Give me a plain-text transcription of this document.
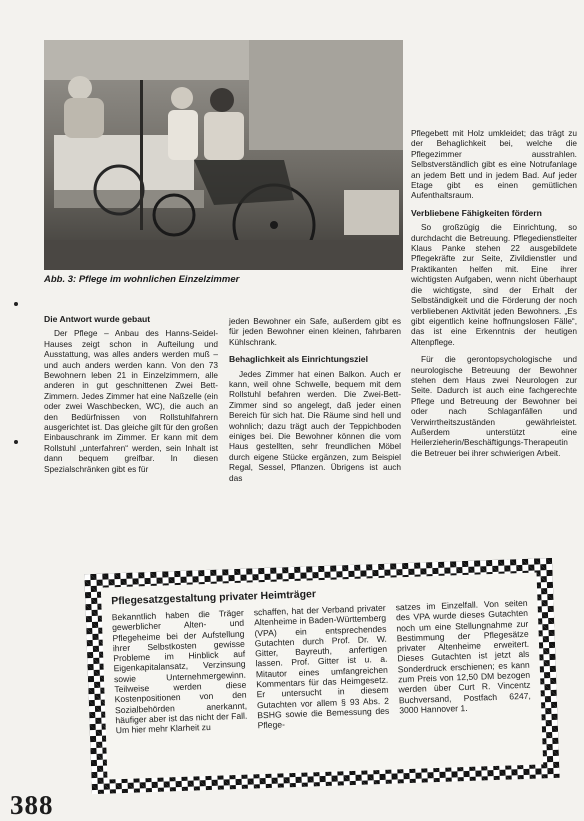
Abb. 3: Pflege im wohnlichen Einzelzimmer
Die Antwort wurde gebaut

Der Pflege – Anbau des Hanns-Seidel-Hauses zeigt schon in Aufteilung und Ausstattung, was alles anders werden muß – und auch anders werden kann. Von den 73 Bewohnern leben 21 in Einzelzimmern, alle anderen in gut geschnittenen Zwei Bett-Zimmern. Jedes Zimmer hat eine Naßzelle (ein oder zwei Waschbecken, WC), die auch an den Bedürfnissen von Rollstuhlfahrern ausgerichtet ist. Das gleiche gilt für den großen Einbauschrank im Zimmer. Er kann mit dem Rollstuhl „unterfahren“ werden, sein Inhalt ist dann bequem greifbar. In diesen Spezialschränken gibt es für

jeden Bewohner ein Safe, außerdem gibt es für jeden Bewohner einen kleinen, fahrbaren Kühlschrank.

Behaglichkeit als Einrichtungsziel

Jedes Zimmer hat einen Balkon. Auch er kann, weil ohne Schwelle, bequem mit dem Rollstuhl befahren werden. Die Zwei-Bett-Zimmer sind so angelegt, daß jeder einen Bereich für sich hat. Die Räume sind hell und wohnlich; dazu trägt auch der Teppichboden einiges bei. Die Bewohner können die vom Haus gestellten, sehr freundlichen Möbel durch eigene Stücke ergänzen, zum Beispiel Regal, Sessel, Pflanzen. Übrigens ist auch das

Pflegebett mit Holz umkleidet; das trägt zu der Behaglichkeit bei, welche die Pflegezimmer ausstrahlen. Selbstverständlich gibt es eine Notrufanlage an jedem Bett und in jedem Bad. Auf jeder Etage gibt es einen gemütlichen Aufenthaltsraum.

Verbliebene Fähigkeiten fördern

So großzügig die Einrichtung, so durchdacht die Betreuung. Pflegedienstleiter Klaus Panke stehen 22 ausgebildete Pflegekräfte zur Seite, Zivildienstler und Praktikanten helfen mit. Eine ihrer wichtigsten Aufgaben, wenn nicht überhaupt die wichtigste, sind der Erhalt der Selbständigkeit und die Förderung der noch verbliebenen Aktivität jeden Bewohners. „Es gibt eigentlich keine hoffnungslosen Fälle“, das ist eine Erkenntnis der heutigen Altenpflege.

Für die gerontopsychologische und neurologische Betreuung der Bewohner stehen dem Haus zwei Neurologen zur Seite. Dadurch ist auch eine fachgerechte Pflege und Betreuung der Bewohner bei oder nach Schlaganfällen und Verwirrtheitszuständen gewährleistet. Außerdem unterstützt eine Heilerzieherin/Beschäftigungs-Therapeutin die Betreuer bei ihrer schwierigen Arbeit.

Pflegesatzgestaltung privater Heimträger

Bekanntlich haben die Träger gewerblicher Alten- und Pflegeheime bei der Aufstellung ihrer Selbstkosten gewisse Probleme im Hinblick auf Eigenkapitalansatz, Verzinsung sowie Unternehmergewinn. Teilweise werden diese Kostenpositionen von den Sozialbehörden anerkannt, häufiger aber ist das nicht der Fall. Um hier mehr Klarheit zu

schaffen, hat der Verband privater Altenheime in Baden-Württemberg (VPA) ein entsprechendes Gutachten durch Prof. Dr. W. Gitter, Bayreuth, anfertigen lassen. Prof. Gitter ist u. a. Mitautor eines umfangreichen Kommentars für das Heimgesetz. Er untersucht in diesem Gutachten vor allem § 93 Abs. 2 BSHG sowie die Bemessung des Pflege-

satzes im Einzelfall. Von seiten des VPA wurde dieses Gutachten noch um eine Stellungnahme zur Bestimmung der Pflegesätze privater Altenheime erweitert. Dieses Gutachten ist jetzt als Sonderdruck erschienen; es kann zum Preis von 12,50 DM bezogen werden über Curt R. Vincentz Buchversand, Postfach 6247, 3000 Hannover 1.

388
